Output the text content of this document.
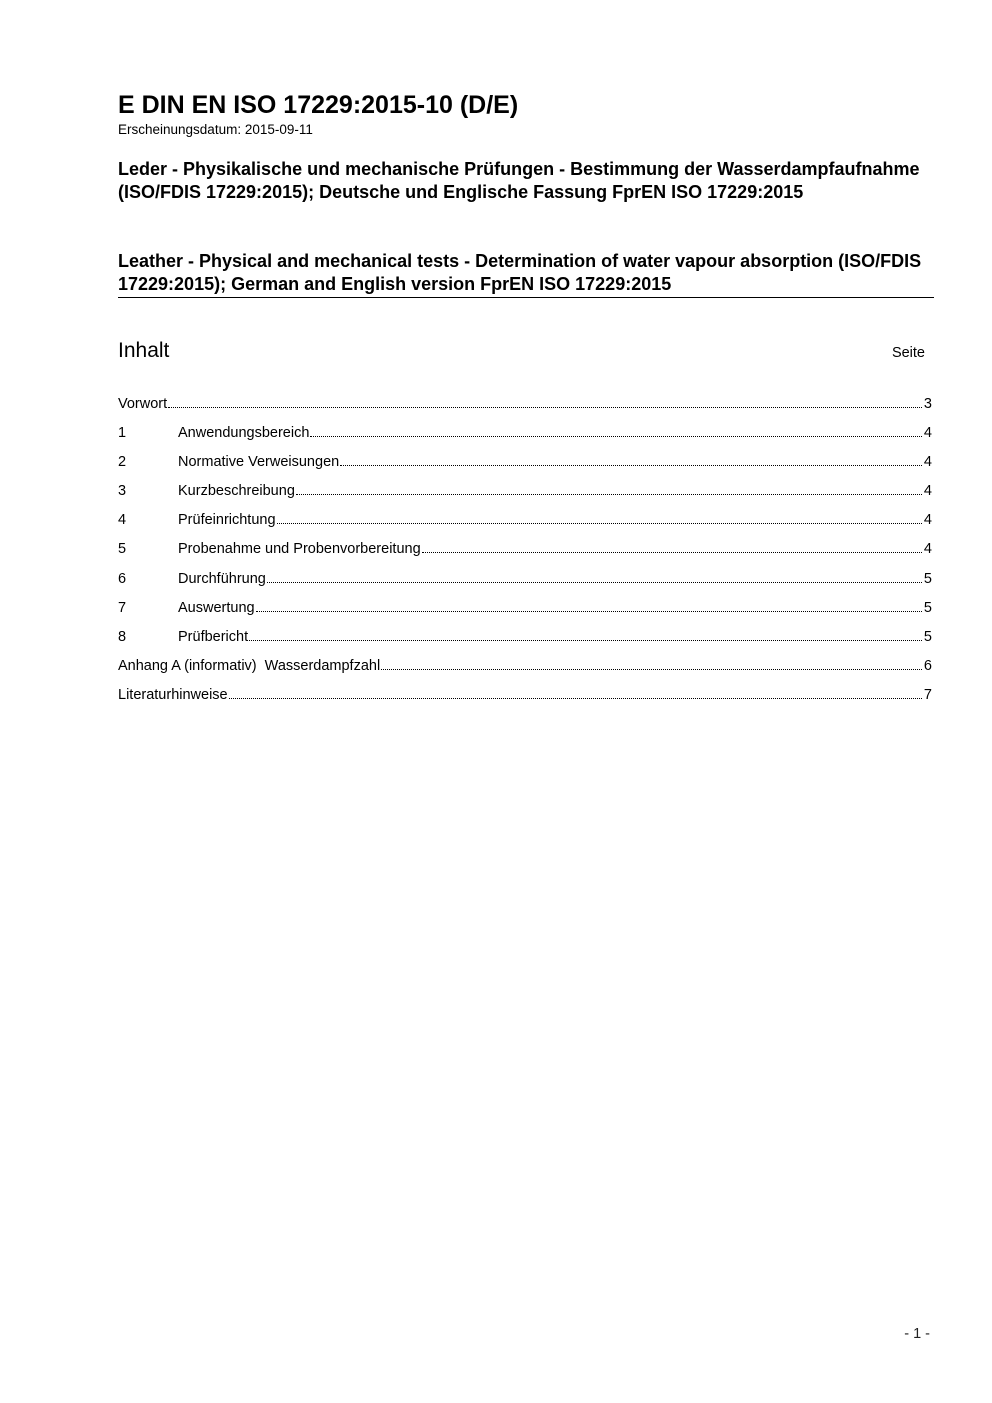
E DIN EN ISO 17229:2015-10 (D/E)
Erscheinungsdatum: 2015-09-11

Leder - Physikalische und mechanische Prüfungen - Bestimmung der Wasserdampfaufnahme (ISO/FDIS 17229:2015); Deutsche und Englische Fassung FprEN ISO 17229:2015

Leather - Physical and mechanical tests - Determination of water vapour absorption (ISO/FDIS 17229:2015); German and English version FprEN ISO 17229:2015

Inhalt	Seite
Vorwort	3
1	Anwendungsbereich	4
2	Normative Verweisungen	4
3	Kurzbeschreibung	4
4	Prüfeinrichtung	4
5	Probenahme und Probenvorbereitung	4
6	Durchführung	5
7	Auswertung	5
8	Prüfbericht	5
Anhang A (informativ)  Wasserdampfzahl	6
Literaturhinweise	7
- 1 -
